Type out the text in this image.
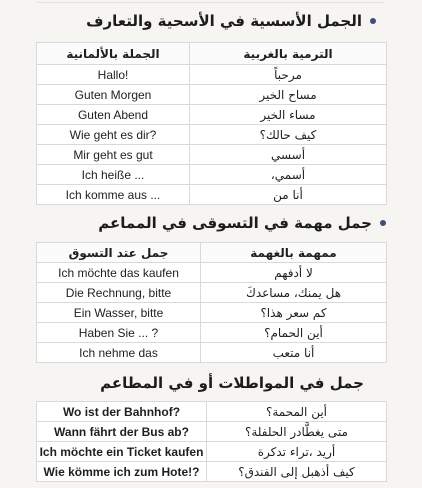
الجمل الأسسية في الأسحية والتعارف
الجملة بالألمانية	الترمية بالغربية
Hallo!	مرحباً
Guten Morgen	مساح الخير
Guten Abend	مساء الخير
Wie geht es dir?	كيف حالك؟
Mir geht es gut	أسسي
Ich heiße ...	أسمي،
Ich komme aus ...	أنا من
جمل مهمة في التسوقى في المماعم
جمل عتد التسوق	ممهمة بالغهمة
Ich möchte das kaufen	لا أدفهم
Die Rechnung, bitte	هل يمنك، مساعدكَ
Ein Wasser, bitte	كم سعر هذا؟
Haben Sie ... ?	أين الحمام؟
Ich nehme das	أنا متعب
جمل في المواطلات أو في المطاعم
Wo ist der Bahnhof?	أين المحمة؟
Wann fährt der Bus ab?	متى يغطَّادر الحلفلة؟
Ich möchte ein Ticket kaufen	أريد ،تراء تدكرة
Wie kömme ich zum Hote!?	كيف أذهبل إلى الفندق؟
